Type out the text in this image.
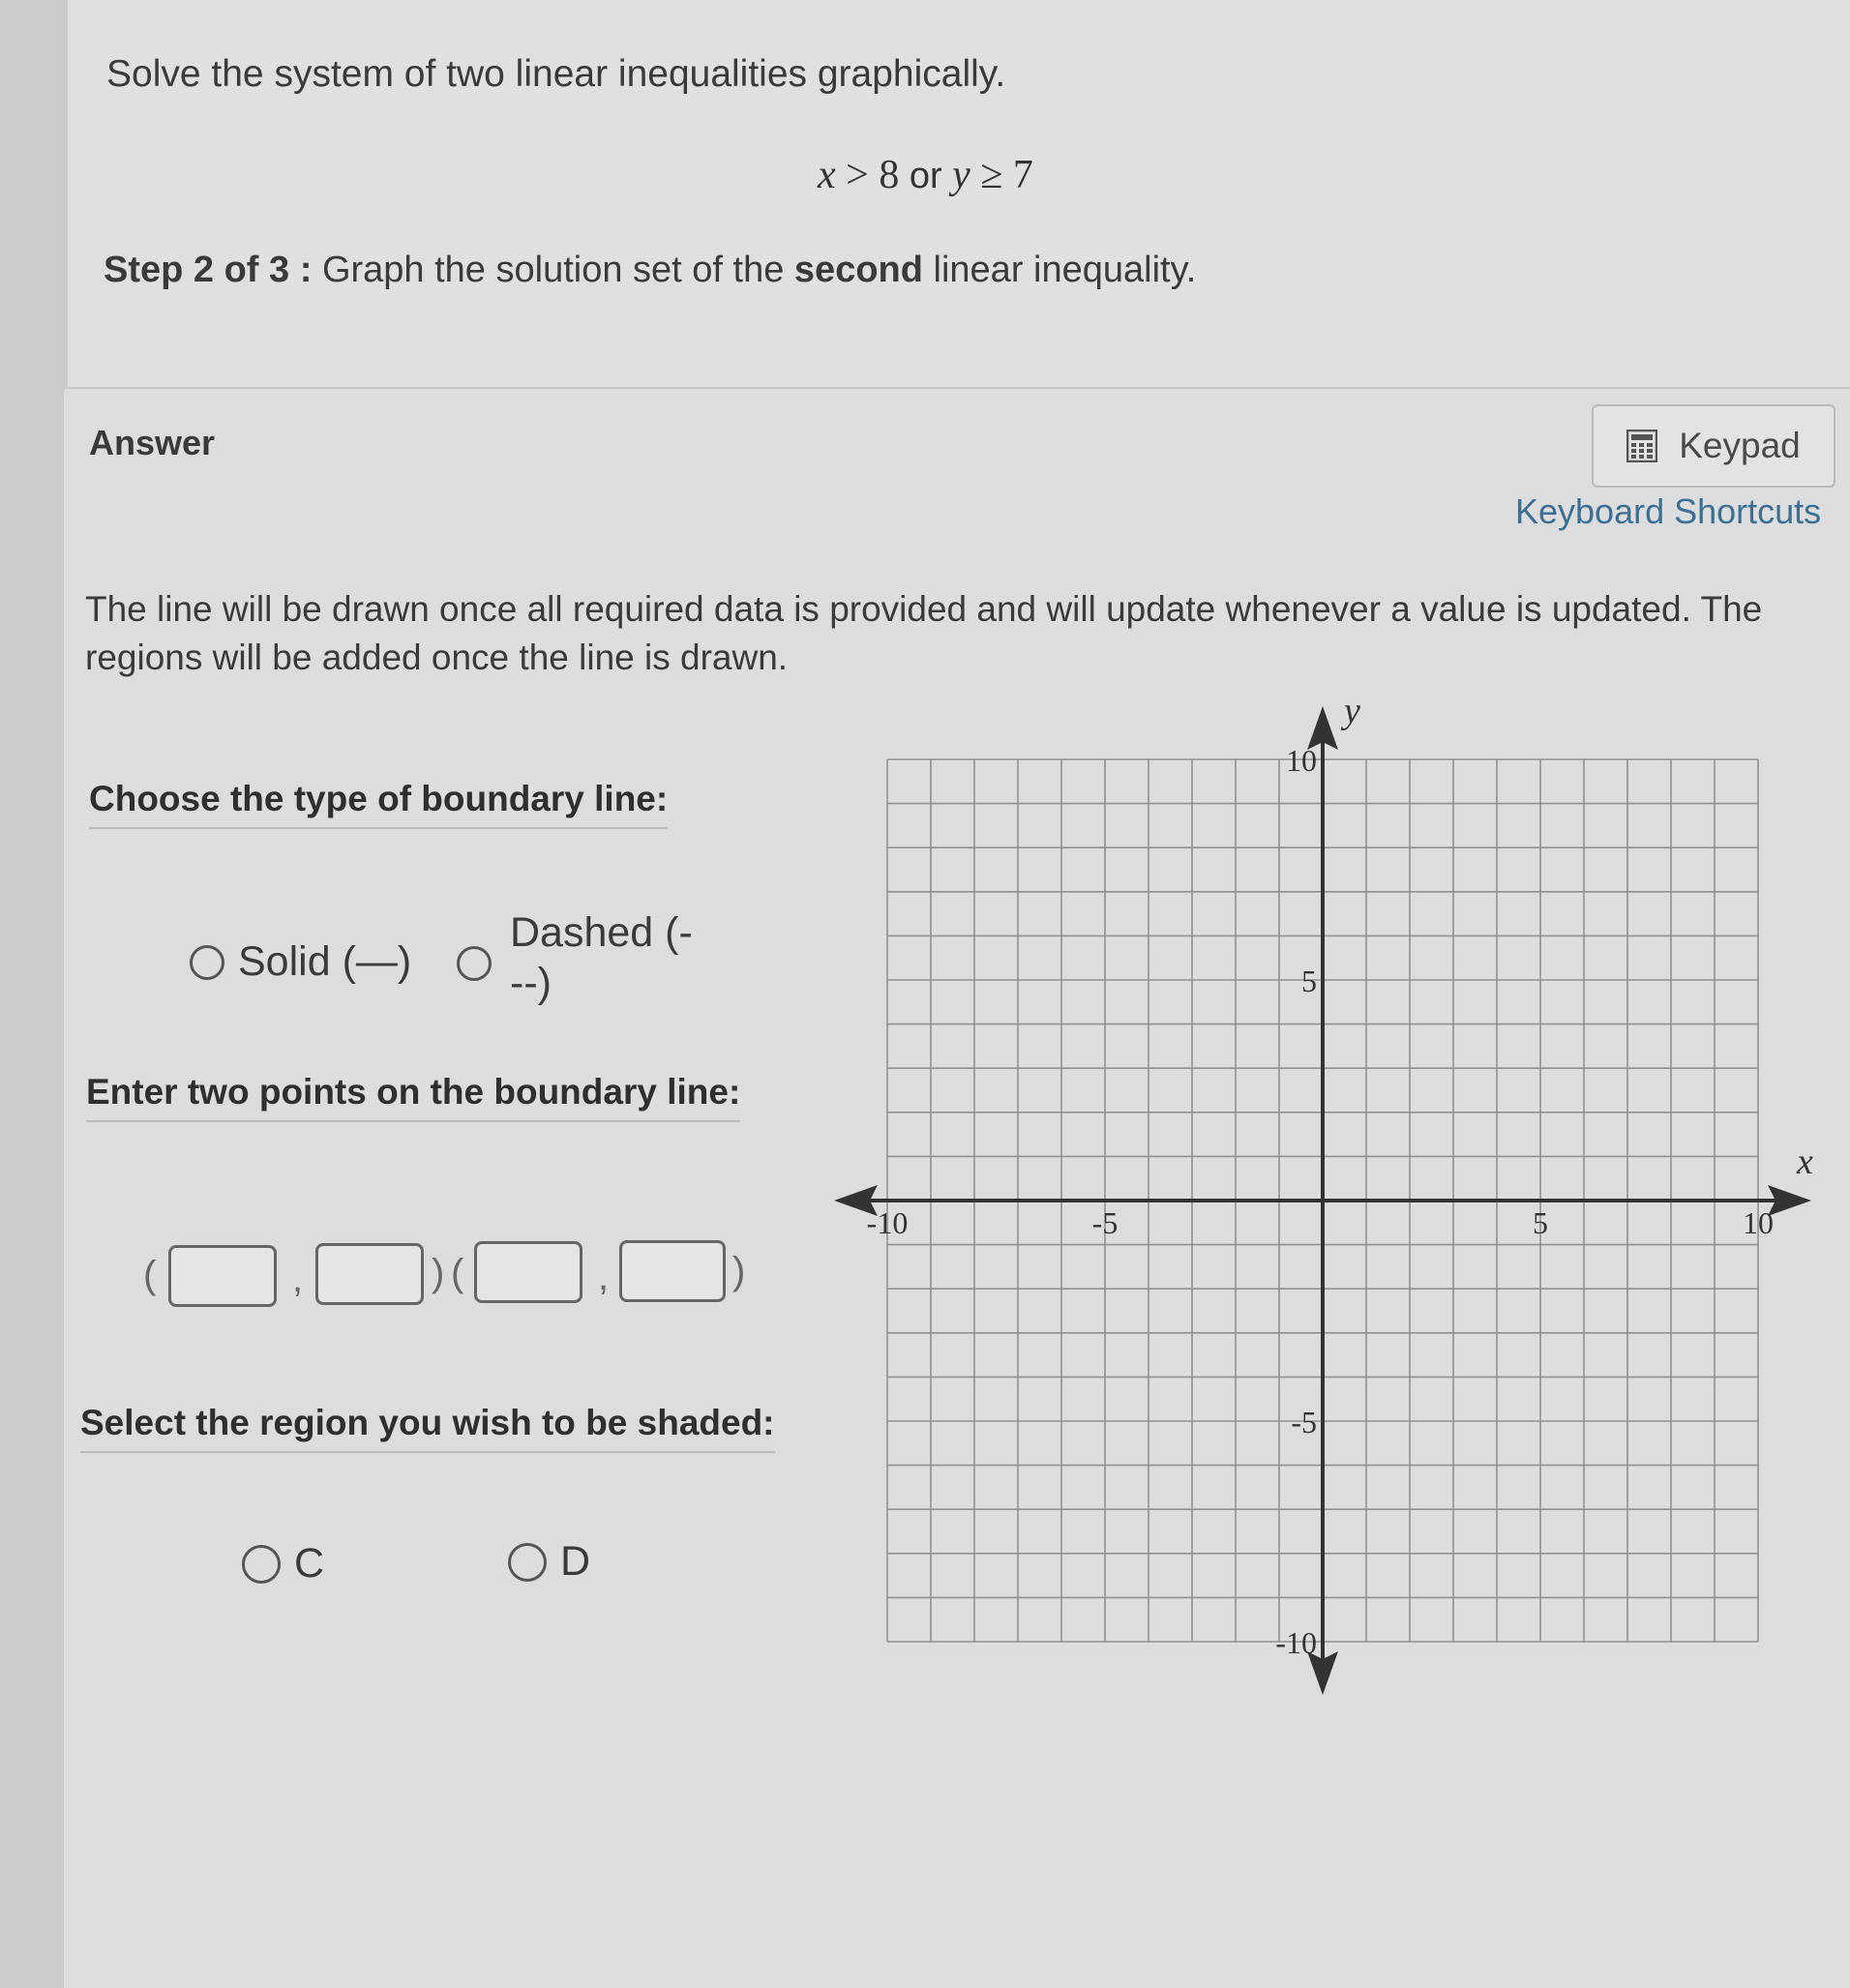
Solve the system of two linear inequalities graphically.
x > 8 or y ≥ 7
Step 2 of 3 : Graph the solution set of the second linear inequality.
Answer	Keypad
Keyboard Shortcuts
The line will be drawn once all required data is provided and will update whenever a value is updated. The regions will be added once the line is drawn.
Choose the type of boundary line:
Solid (—)
Dashed (-
--)
Enter two points on the boundary line:
(	,	) (	,	)
Select the region you wish to be shaded:
C	D
x
y
-10	-5	5	10
10
5
-5
-10
